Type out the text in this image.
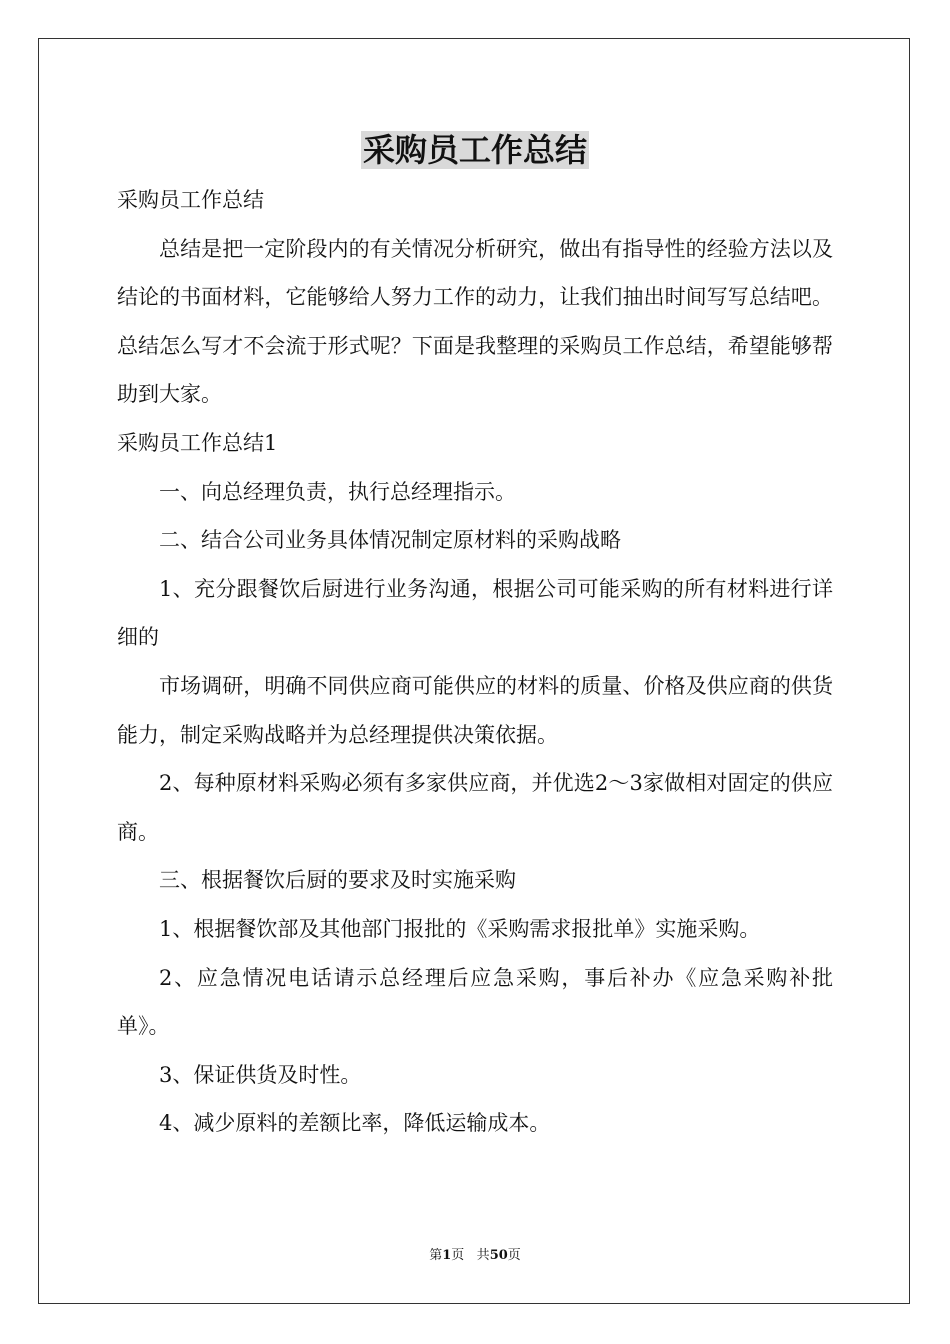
采购员工作总结

采购员工作总结

总结是把一定阶段内的有关情况分析研究，做出有指导性的经验方法以及结论的书面材料，它能够给人努力工作的动力，让我们抽出时间写写总结吧。总结怎么写才不会流于形式呢？下面是我整理的采购员工作总结，希望能够帮助到大家。

采购员工作总结1

一、向总经理负责，执行总经理指示。

二、结合公司业务具体情况制定原材料的采购战略

1、充分跟餐饮后厨进行业务沟通，根据公司可能采购的所有材料进行详细的

市场调研，明确不同供应商可能供应的材料的质量、价格及供应商的供货能力，制定采购战略并为总经理提供决策依据。

2、每种原材料采购必须有多家供应商，并优选2～3家做相对固定的供应商。

三、根据餐饮后厨的要求及时实施采购

1、根据餐饮部及其他部门报批的《采购需求报批单》实施采购。

2、应急情况电话请示总经理后应急采购，事后补办《应急采购补批单》。

3、保证供货及时性。

4、减少原料的差额比率，降低运输成本。

第1页 共50页
